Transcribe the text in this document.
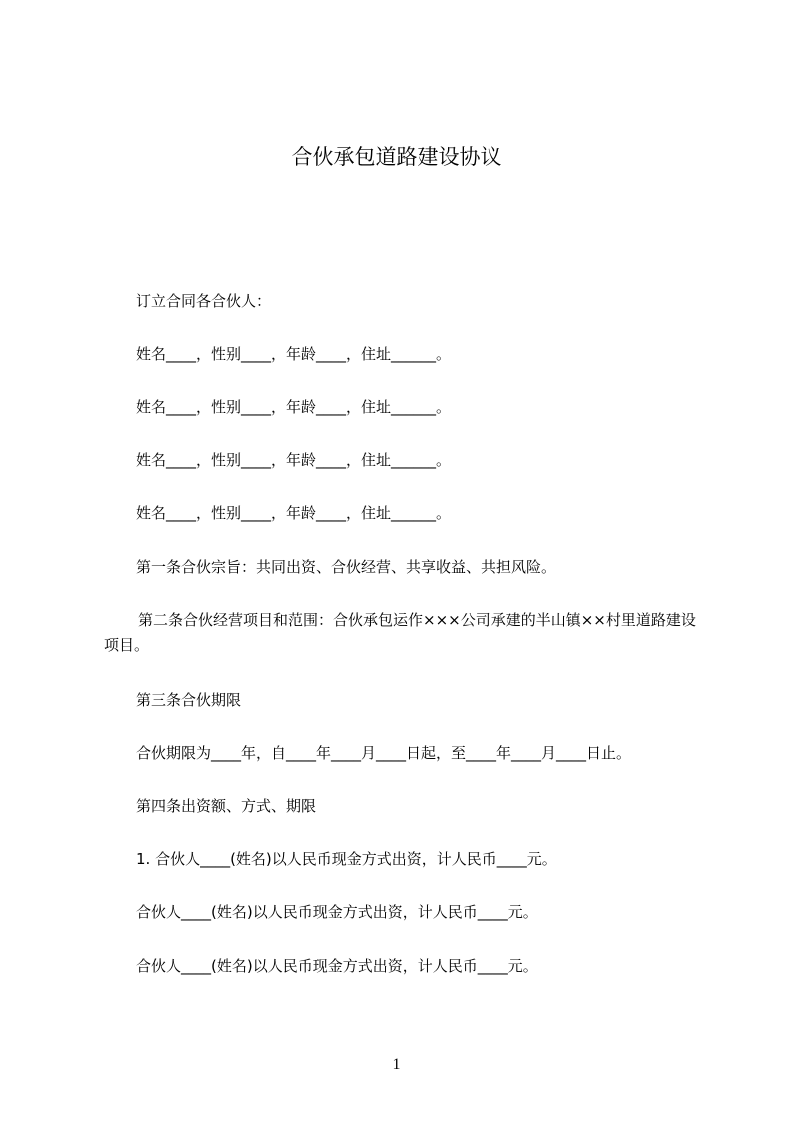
合伙承包道路建设协议

订立合同各合伙人：

姓名____，性别____，年龄____，住址______。

姓名____，性别____，年龄____，住址______。

姓名____，性别____，年龄____，住址______。

姓名____，性别____，年龄____，住址______。

第一条合伙宗旨：共同出资、合伙经营、共享收益、共担风险。

第二条合伙经营项目和范围：合伙承包运作×××公司承建的半山镇××村里道路建设项目。

第三条合伙期限

合伙期限为____年，自____年____月____日起，至____年____月____日止。

第四条出资额、方式、期限

1. 合伙人____(姓名)以人民币现金方式出资，计人民币____元。

合伙人____(姓名)以人民币现金方式出资，计人民币____元。

合伙人____(姓名)以人民币现金方式出资，计人民币____元。

1
